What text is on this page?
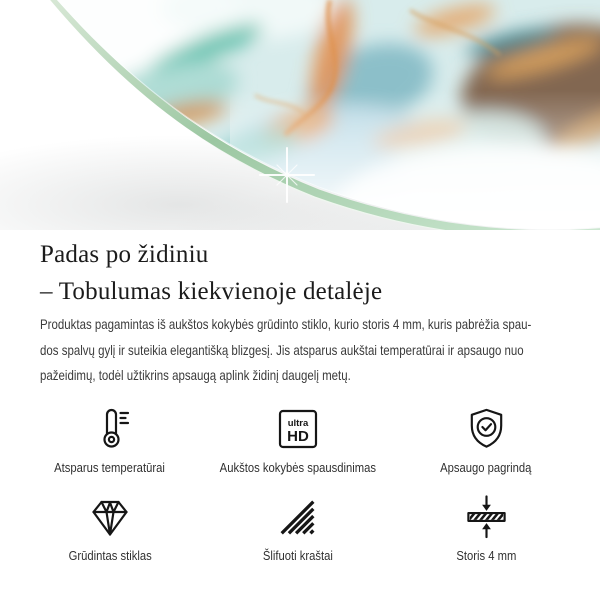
Padas po židiniu
– Tobulumas kiekvienoje detalėje
Produktas pagamintas iš aukštos kokybės grūdinto stiklo, kurio storis 4 mm, kuris pabrėžia spau-
dos spalvų gylį ir suteikia elegantišką blizgesį. Jis atsparus aukštai temperatūrai ir apsaugo nuo
pažeidimų, todėl užtikrins apsaugą aplink židinį daugelį metų.
Atsparus temperatūrai
ultra
HD
Aukštos kokybės spausdinimas	Apsaugo pagrindą
Grūdintas stiklas	Šlifuoti kraštai	Storis 4 mm
